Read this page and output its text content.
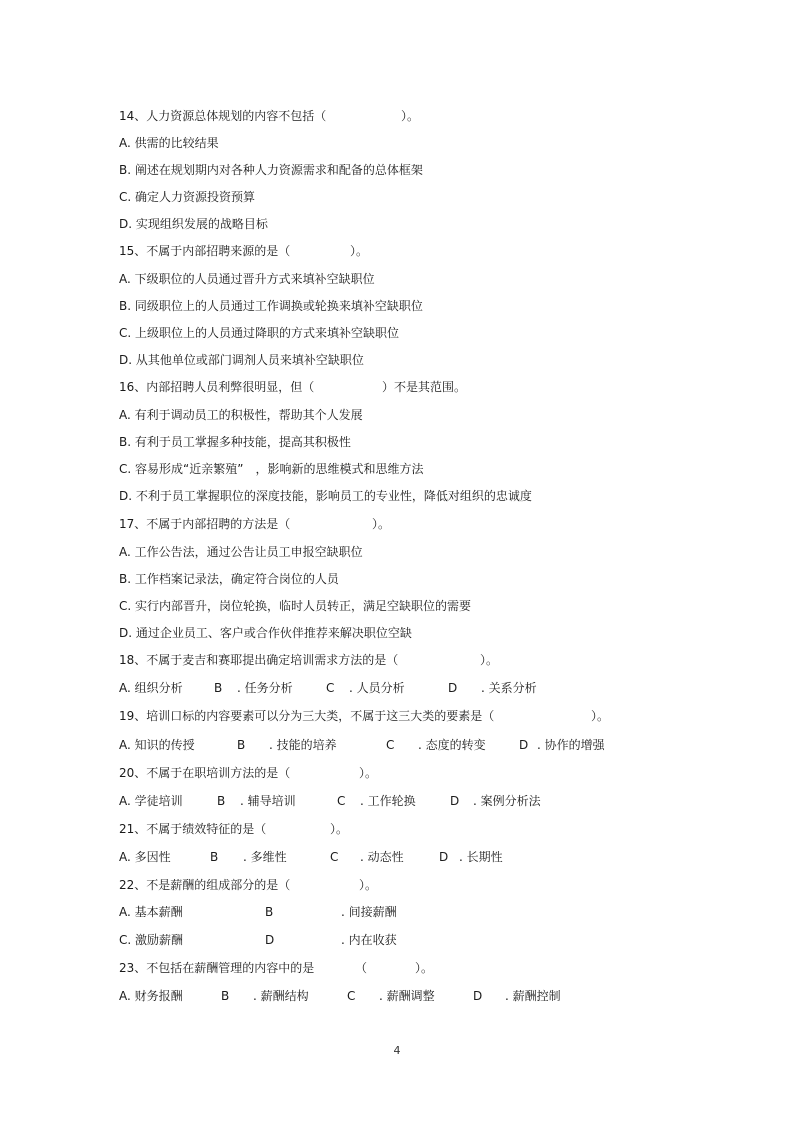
14、人力资源总体规划的内容不包括（	）。
A. 供需的比较结果
B. 阐述在规划期内对各种人力资源需求和配备的总体框架
C. 确定人力资源投资预算
D. 实现组织发展的战略目标
15、不属于内部招聘来源的是（	）。
A. 下级职位的人员通过晋升方式来填补空缺职位
B. 同级职位上的人员通过工作调换或轮换来填补空缺职位
C. 上级职位上的人员通过降职的方式来填补空缺职位
D. 从其他单位或部门调剂人员来填补空缺职位
16、内部招聘人员利弊很明显，但（	）不是其范围。
A. 有利于调动员工的积极性，帮助其个人发展
B. 有利于员工掌握多种技能，提高其积极性
C. 容易形成“近亲繁殖”　，影响新的思维模式和思维方法
D. 不利于员工掌握职位的深度技能，影响员工的专业性，降低对组织的忠诚度
17、不属于内部招聘的方法是（	）。
A. 工作公告法，通过公告让员工申报空缺职位
B. 工作档案记录法，确定符合岗位的人员
C. 实行内部晋升，岗位轮换，临时人员转正，满足空缺职位的需要
D. 通过企业员工、客户或合作伙伴推荐来解决职位空缺
18、不属于麦吉和赛耶提出确定培训需求方法的是（	）。
A. 组织分析	B . 任务分析	C . 人员分析	D . 关系分析
19、培训口标的内容要素可以分为三大类，不属于这三大类的要素是（	）。
A. 知识的传授	B . 技能的培养	C . 态度的转变	D . 协作的增强
20、不属于在职培训方法的是（	）。
A. 学徒培训	B . 辅导培训	C . 工作轮换	D . 案例分析法
21、不属于绩效特征的是（	）。
A. 多因性	B . 多维性	C . 动态性	D . 长期性
22、不是薪酬的组成部分的是（	）。
A. 基本薪酬	B	. 间接薪酬
C. 激励薪酬	D	. 内在收获
23、不包括在薪酬管理的内容中的是	（　　　　）。
A. 财务报酬	B . 薪酬结构	C . 薪酬调整	D . 薪酬控制
4
